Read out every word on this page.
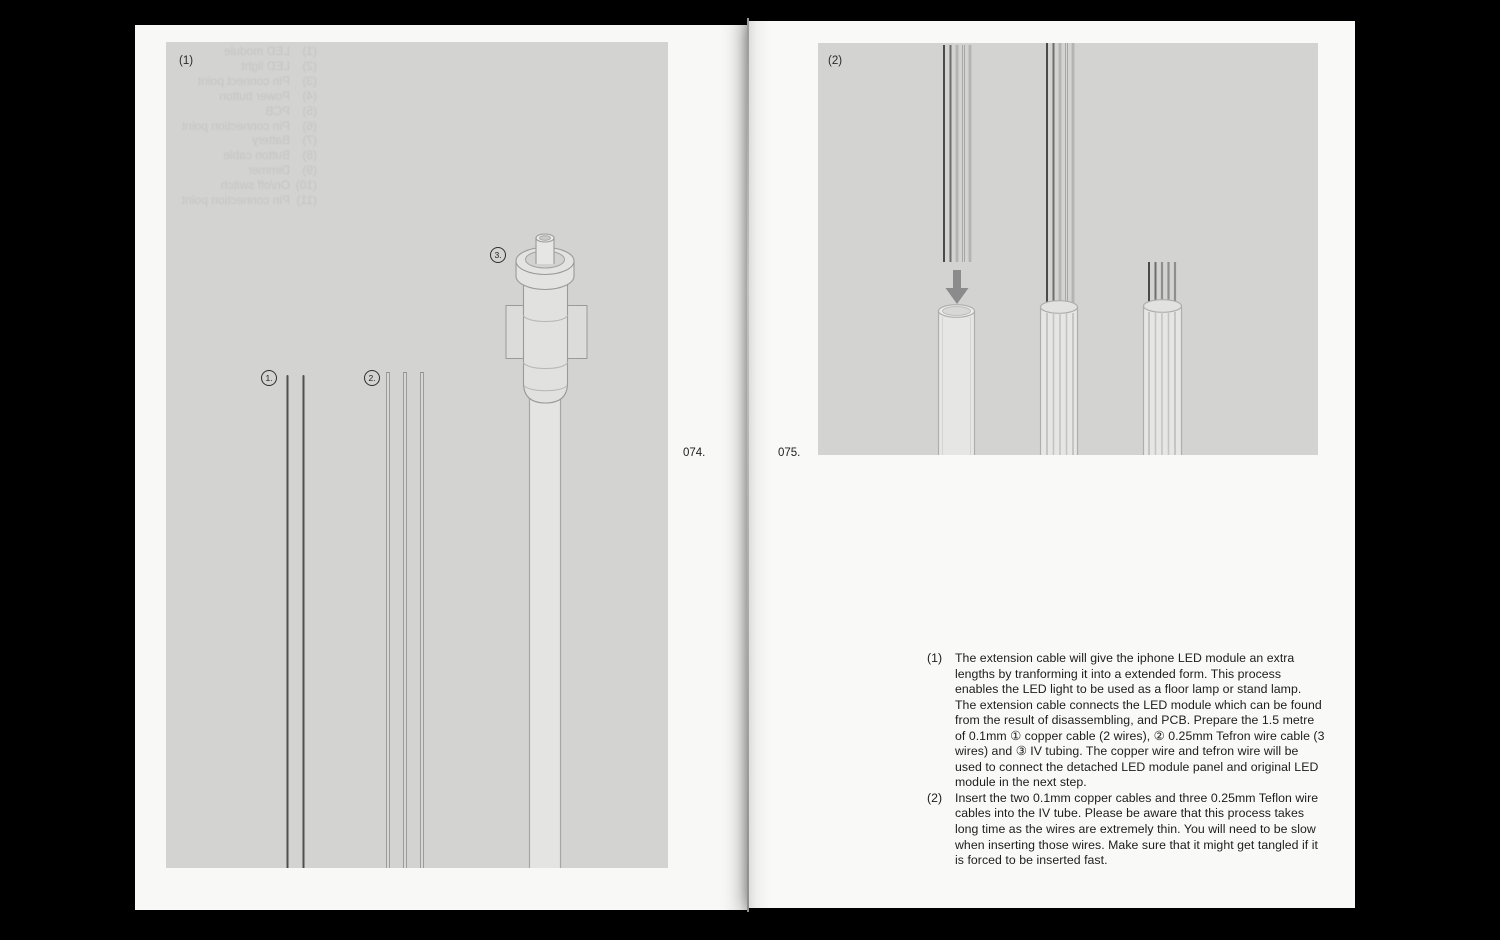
(1)
LED module
(2)
LED light
(3)
Pin connect point
(4)
Power button
(5)
PCB
(6)
Pin connection point
(7)
Battery
(8)
Button cable
(9)
Dimmer
(10)
On/off switch
(11)
Pin connection point
(1)
1.	2.
3.
074.
(2)
075.
(1)	The extension cable will give the iphone LED module an extra lengths by tranforming it into a extended form. This process enables the LED light to be used as a floor lamp or stand lamp. The extension cable connects the LED module which can be found from the result of disassembling, and PCB. Prepare the 1.5 metre of 0.1mm ① copper cable (2 wires), ② 0.25mm Tefron wire cable (3 wires) and ③ IV tubing. The copper wire and tefron wire will be used to connect the detached LED module panel and original LED module in the next step.

(2)	Insert the two 0.1mm copper cables and three 0.25mm Teflon wire cables into the IV tube. Please be aware that this process takes long time as the wires are extremely thin. You will need to be slow when inserting those wires. Make sure that it might get tangled if it is forced to be inserted fast.
